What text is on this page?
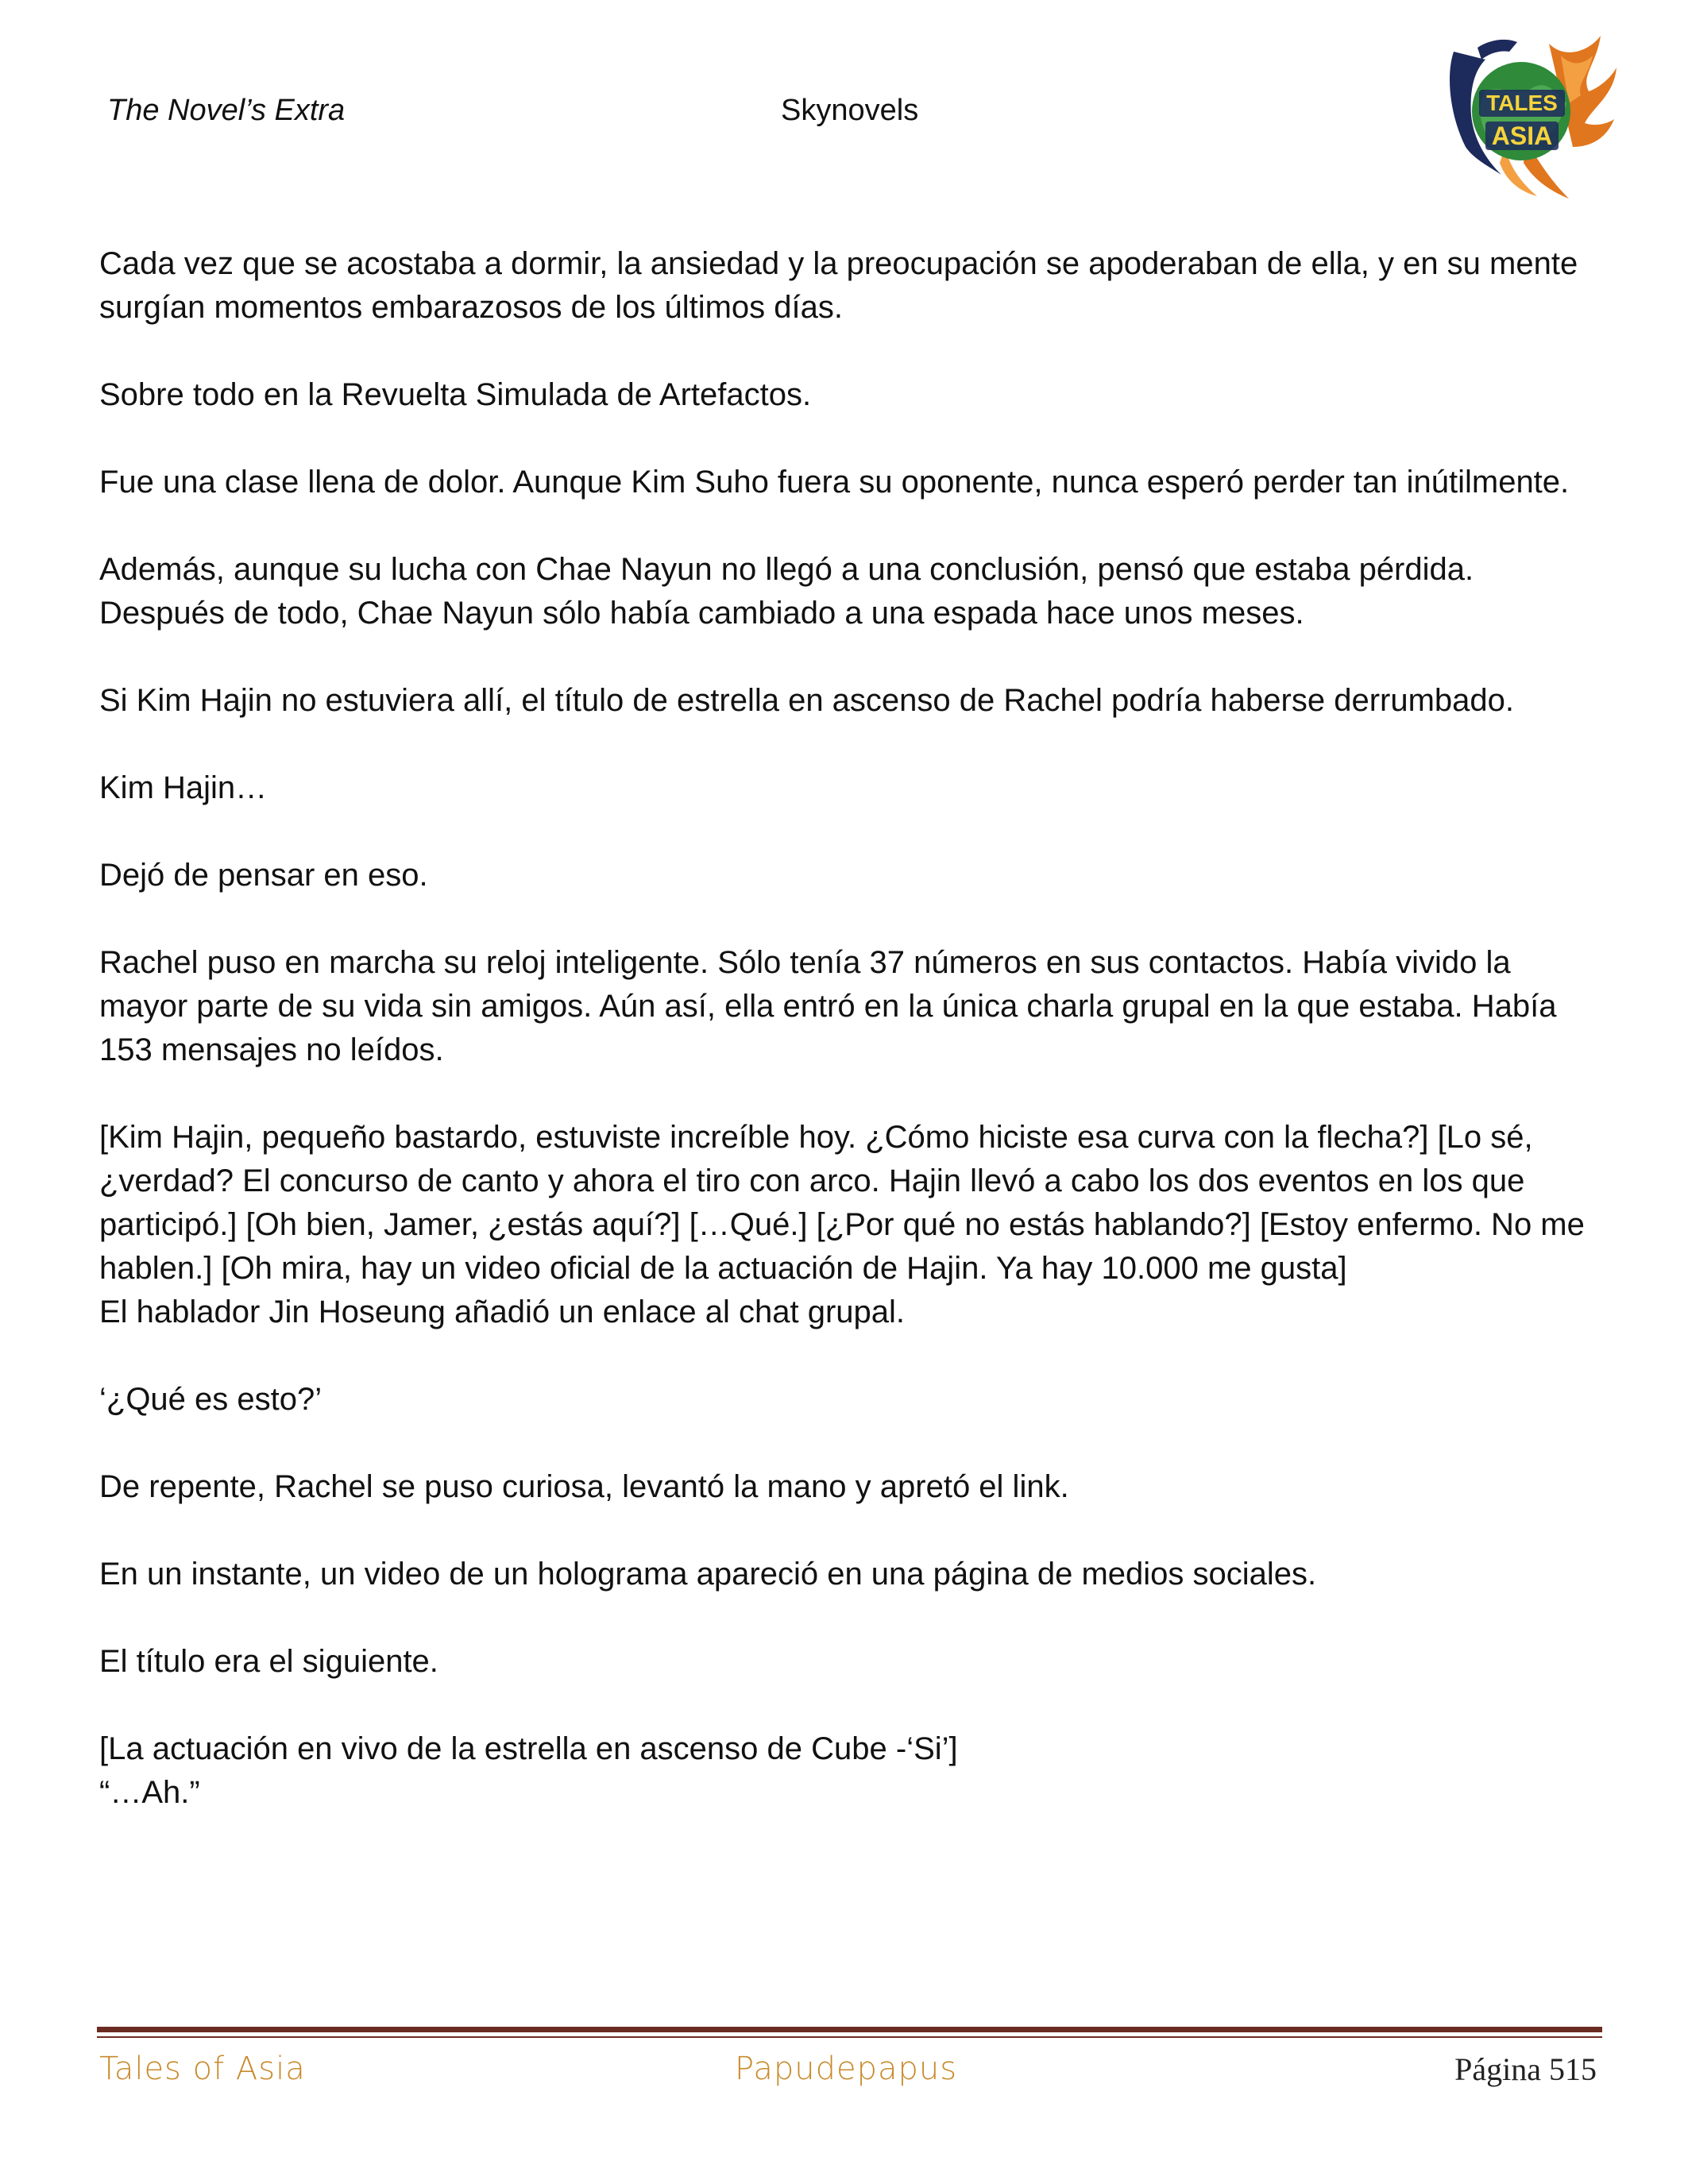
The Novel’s Extra	Skynovels	TALES
ASIA

Cada vez que se acostaba a dormir, la ansiedad y la preocupación se apoderaban de ella, y en su mente surgían momentos embarazosos de los últimos días.

Sobre todo en la Revuelta Simulada de Artefactos.

Fue una clase llena de dolor. Aunque Kim Suho fuera su oponente, nunca esperó perder tan inútilmente.

Además, aunque su lucha con Chae Nayun no llegó a una conclusión, pensó que estaba pérdida. Después de todo, Chae Nayun sólo había cambiado a una espada hace unos meses.

Si Kim Hajin no estuviera allí, el título de estrella en ascenso de Rachel podría haberse derrumbado.

Kim Hajin…

Dejó de pensar en eso.

Rachel puso en marcha su reloj inteligente. Sólo tenía 37 números en sus contactos. Había vivido la mayor parte de su vida sin amigos. Aún así, ella entró en la única charla grupal en la que estaba. Había 153 mensajes no leídos.

[Kim Hajin, pequeño bastardo, estuviste increíble hoy. ¿Cómo hiciste esa curva con la flecha?] [Lo sé, ¿verdad? El concurso de canto y ahora el tiro con arco. Hajin llevó a cabo los dos eventos en los que participó.] [Oh bien, Jamer, ¿estás aquí?] […Qué.] [¿Por qué no estás hablando?] [Estoy enfermo. No me hablen.] [Oh mira, hay un video oficial de la actuación de Hajin. Ya hay 10.000 me gusta]

El hablador Jin Hoseung añadió un enlace al chat grupal.

‘¿Qué es esto?’

De repente, Rachel se puso curiosa, levantó la mano y apretó el link.

En un instante, un video de un holograma apareció en una página de medios sociales.

El título era el siguiente.

[La actuación en vivo de la estrella en ascenso de Cube -‘Si’]

“…Ah.”

Tales of Asia	Papudepapus	Página 515
